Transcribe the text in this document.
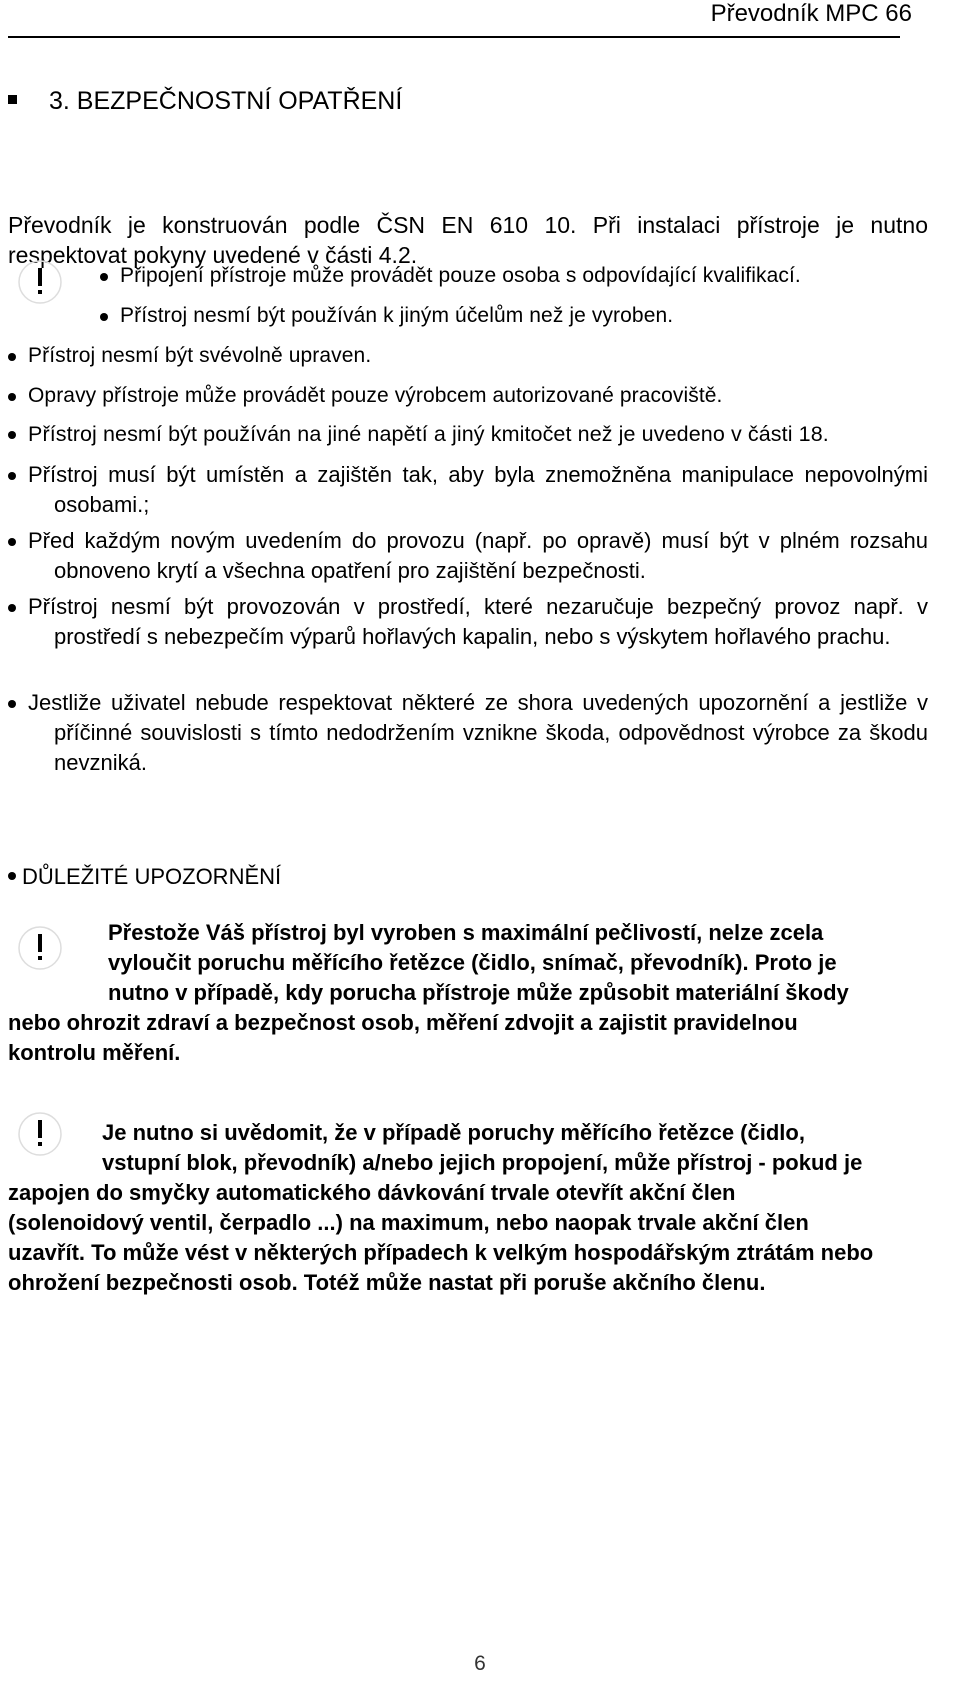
Převodník MPC 66
3. BEZPEČNOSTNÍ OPATŘENÍ
Převodník je konstruován podle ČSN EN 610 10. Při instalaci přístroje je nutno respektovat pokyny uvedené v části 4.2.
Připojení přístroje může provádět pouze osoba s odpovídající kvalifikací.
Přístroj nesmí být používán k jiným účelům než je vyroben.
Přístroj nesmí být svévolně upraven.
Opravy přístroje může provádět pouze výrobcem autorizované pracoviště.
Přístroj nesmí být používán na jiné napětí a jiný kmitočet než je uvedeno v části 18.
Přístroj musí být umístěn a zajištěn tak, aby byla znemožněna manipulace nepovolnými osobami.;
Před každým novým uvedením do provozu (např. po opravě) musí být v plném rozsahu obnoveno krytí a všechna opatření pro zajištění bezpečnosti.
Přístroj nesmí být provozován v prostředí, které nezaručuje bezpečný provoz např. v prostředí s nebezpečím výparů hořlavých kapalin, nebo s výskytem hořlavého prachu.
Jestliže uživatel nebude respektovat některé ze shora uvedených upozornění a jestliže v příčinné souvislosti s tímto nedodržením vznikne škoda, odpovědnost výrobce za škodu nevzniká.
DŮLEŽITÉ UPOZORNĚNÍ
Přestože Váš přístroj byl vyroben s maximální pečlivostí, nelze zcela
vyloučit poruchu měřícího řetězce (čidlo, snímač, převodník). Proto je
nutno v případě, kdy porucha přístroje může způsobit materiální škody
nebo ohrozit zdraví a bezpečnost osob, měření zdvojit a zajistit pravidelnou
kontrolu měření.
Je nutno si uvědomit, že v případě poruchy měřícího řetězce (čidlo,
vstupní blok, převodník) a/nebo jejich propojení, může přístroj - pokud je
zapojen do smyčky automatického dávkování trvale otevřít akční člen
(solenoidový ventil, čerpadlo ...) na maximum, nebo naopak trvale akční člen
uzavřít. To může vést v některých případech k velkým hospodářským ztrátám nebo
ohrožení bezpečnosti osob. Totéž může nastat při poruše akčního členu.
6
